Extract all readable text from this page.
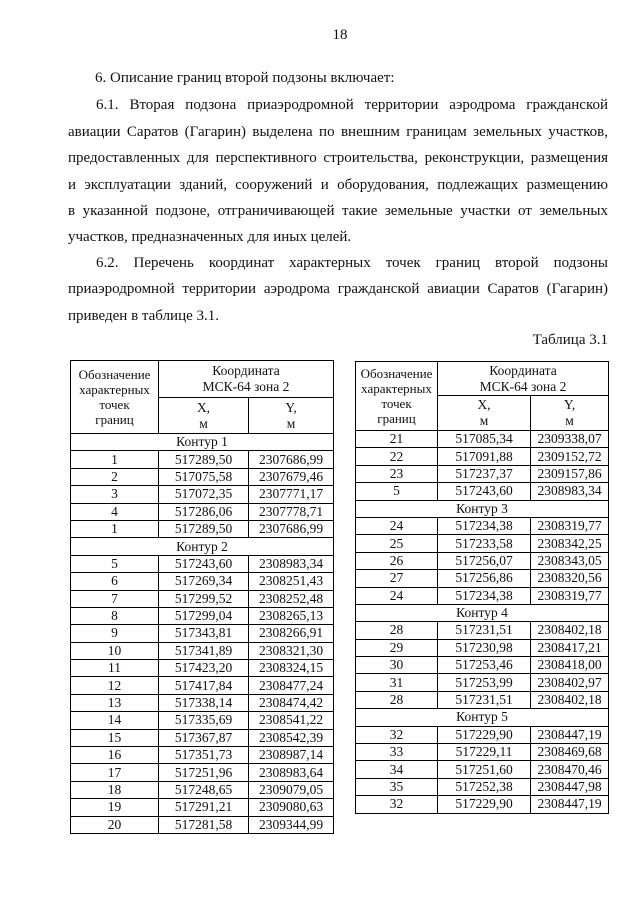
18
6. Описание границ второй подзоны включает:
6.1. Вторая подзона приаэродромной территории аэродрома гражданской
авиации Саратов (Гагарин) выделена по внешним границам земельных участков,
предоставленных для перспективного строительства, реконструкции, размещения
и эксплуатации зданий, сооружений и оборудования, подлежащих размещению
в указанной подзоне, отграничивающей такие земельные участки от земельных
участков, предназначенных для иных целей.
6.2. Перечень координат характерных точек границ второй подзоны
приаэродромной территории аэродрома гражданской авиации Саратов (Гагарин)
приведен в таблице 3.1.
Таблица 3.1
Обозначение
характерных
точек
границ	Координата
МСК-64 зона 2	

	X,
м	Y,
м

Контур 1		
1	517289,50	2307686,99
2	517075,58	2307679,46
3	517072,35	2307771,17
4	517286,06	2307778,71
1	517289,50	2307686,99
Контур 2		
5	517243,60	2308983,34
6	517269,34	2308251,43
7	517299,52	2308252,48
8	517299,04	2308265,13
9	517343,81	2308266,91
10	517341,89	2308321,30
11	517423,20	2308324,15
12	517417,84	2308477,24
13	517338,14	2308474,42
14	517335,69	2308541,22
15	517367,87	2308542,39
16	517351,73	2308987,14
17	517251,96	2308983,64
18	517248,65	2309079,05
19	517291,21	2309080,63
20	517281,58	2309344,99
Обозначение
характерных
точек
границ	Координата
МСК-64 зона 2	

	X,
м	Y,
м

21	517085,34	2309338,07
22	517091,88	2309152,72
23	517237,37	2309157,86
5	517243,60	2308983,34
Контур 3		
24	517234,38	2308319,77
25	517233,58	2308342,25
26	517256,07	2308343,05
27	517256,86	2308320,56
24	517234,38	2308319,77
Контур 4		
28	517231,51	2308402,18
29	517230,98	2308417,21
30	517253,46	2308418,00
31	517253,99	2308402,97
28	517231,51	2308402,18
Контур 5		
32	517229,90	2308447,19
33	517229,11	2308469,68
34	517251,60	2308470,46
35	517252,38	2308447,98
32	517229,90	2308447,19
